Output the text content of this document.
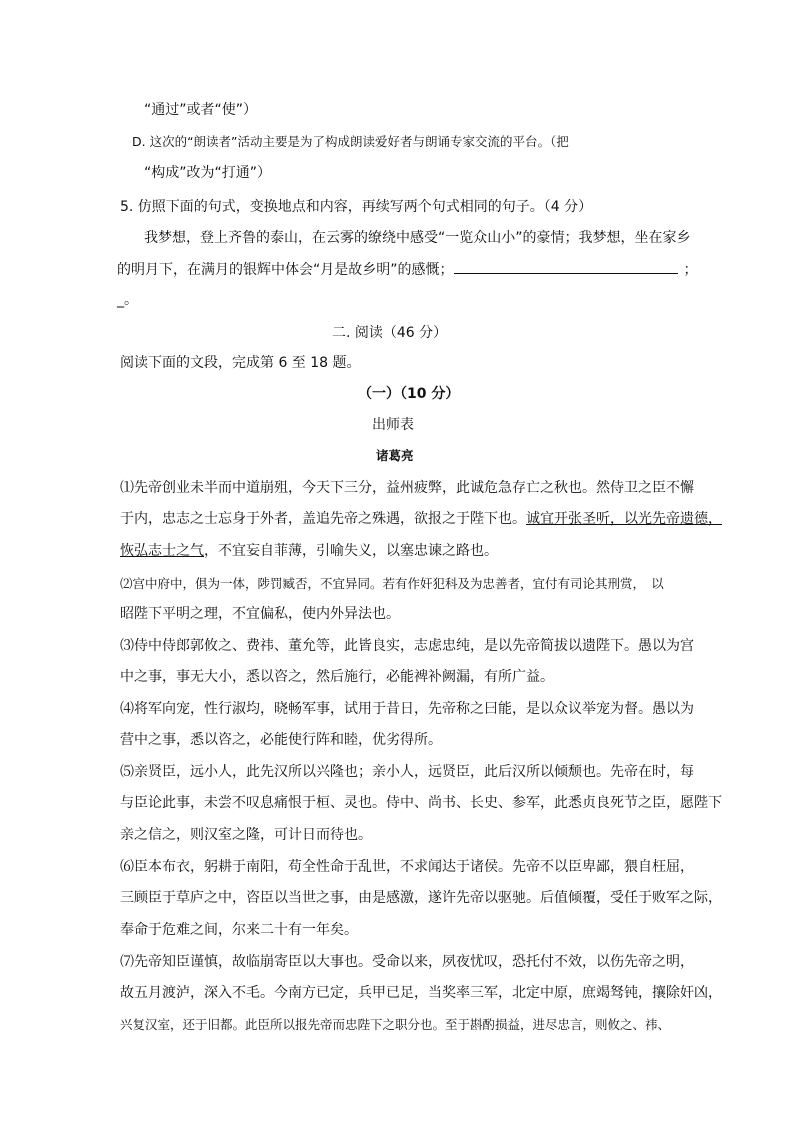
“通过”或者“使”）
D. 这次的“朗读者”活动主要是为了构成朗读爱好者与朗诵专家交流的平台。（把
“构成”改为“打通”）
5. 仿照下面的句式，变换地点和内容，再续写两个句式相同的句子。（4 分）
我梦想，登上齐鲁的泰山，在云雾的缭绕中感受“一览众山小”的豪情；我梦想，坐在家乡
的明月下，在满月的银辉中体会“月是故乡明”的感慨；	；
_。
二. 阅读（46 分）
阅读下面的文段，完成第 6 至 18 题。
（一）（10 分）
出师表
诸葛亮
⑴先帝创业未半而中道崩殂，今天下三分，益州疲弊，此诚危急存亡之秋也。然侍卫之臣不懈
于内，忠志之士忘身于外者，盖追先帝之殊遇，欲报之于陛下也。诚宜开张圣听，以光先帝遗德，
恢弘志士之气，不宜妄自菲薄，引喻失义，以塞忠谏之路也。
⑵宫中府中，俱为一体，陟罚臧否，不宜异同。若有作奸犯科及为忠善者，宜付有司论其刑赏，　以
昭陛下平明之理，不宜偏私，使内外异法也。
⑶侍中侍郎郭攸之、费祎、董允等，此皆良实，志虑忠纯，是以先帝简拔以遗陛下。愚以为宫
中之事，事无大小，悉以咨之，然后施行，必能裨补阙漏，有所广益。
⑷将军向宠，性行淑均，晓畅军事，试用于昔日，先帝称之曰能，是以众议举宠为督。愚以为
营中之事，悉以咨之，必能使行阵和睦，优劣得所。
⑸亲贤臣，远小人，此先汉所以兴隆也；亲小人，远贤臣，此后汉所以倾颓也。先帝在时，每
与臣论此事，未尝不叹息痛恨于桓、灵也。侍中、尚书、长史、参军，此悉贞良死节之臣，愿陛下
亲之信之，则汉室之隆，可计日而待也。
⑹臣本布衣，躬耕于南阳，苟全性命于乱世，不求闻达于诸侯。先帝不以臣卑鄙，猥自枉屈，
三顾臣于草庐之中，咨臣以当世之事，由是感激，遂许先帝以驱驰。后值倾覆，受任于败军之际，
奉命于危难之间，尔来二十有一年矣。
⑺先帝知臣谨慎，故临崩寄臣以大事也。受命以来，夙夜忧叹，恐托付不效，以伤先帝之明，
故五月渡泸，深入不毛。今南方已定，兵甲已足，当奖率三军，北定中原，庶竭驽钝，攘除奸凶，
兴复汉室，还于旧都。此臣所以报先帝而忠陛下之职分也。至于斟酌损益，进尽忠言，则攸之、祎、
